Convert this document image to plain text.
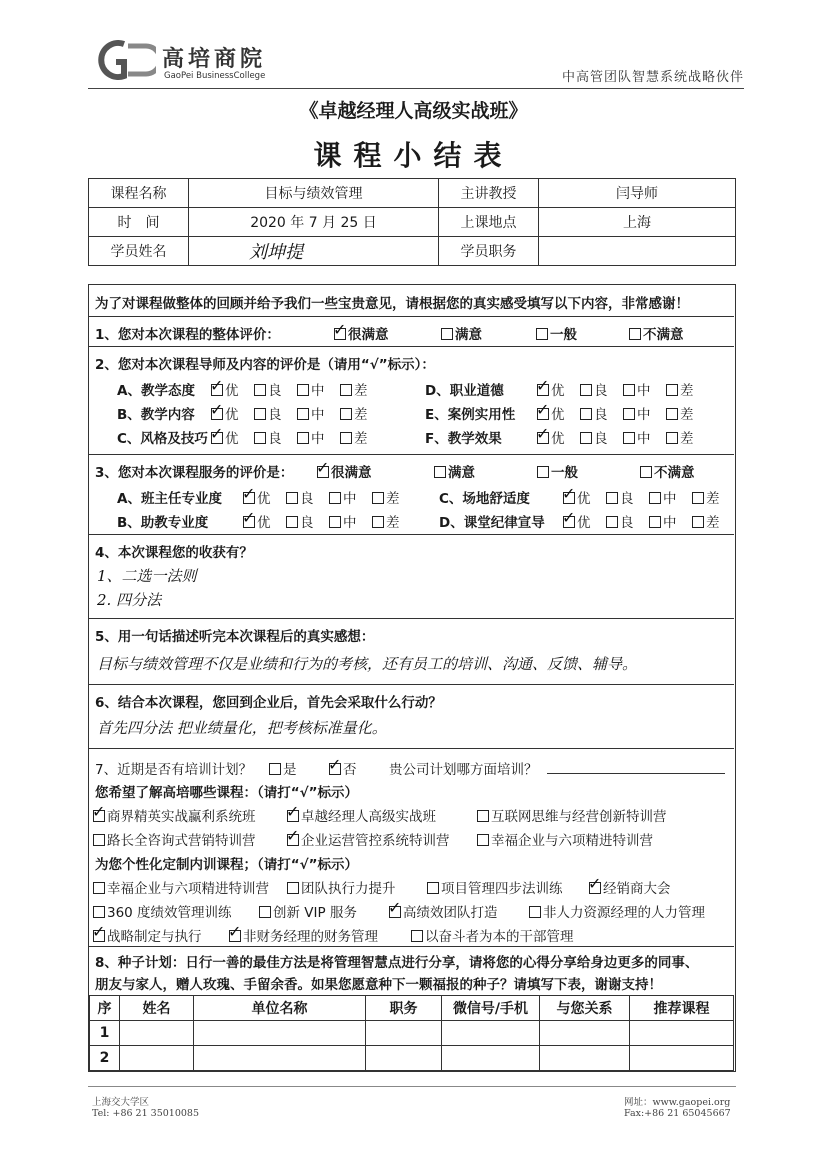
高培商院
GaoPei BusinessCollege	中高管团队智慧系统战略伙伴
《卓越经理人高级实战班》
课程小结表
课程名称	目标与绩效管理	主讲教授	闫导师
时　间	2020 年 7 月 25 日	上课地点	上海
学员姓名	刘坤提	学员职务	
为了对课程做整体的回顾并给予我们一些宝贵意见，请根据您的真实感受填写以下内容，非常感谢！
1、您对本次课程的整体评价：	✓ 很满意	满意	一般	不满意
2、您对本次课程导师及内容的评价是（请用“√”标示）：
A、教学态度 ✓ 优	良	中	差
B、教学内容 ✓ 优	良	中	差
C、风格及技巧 ✓ 优	良	中	差
D、职业道德 ✓ 优	良	中	差
E、案例实用性 ✓ 优	良	中	差
F、教学效果 ✓ 优	良	中	差
3、您对本次课程服务的评价是： ✓ 很满意	满意	一般	不满意
A、班主任专业度 ✓ 优	良	中	差
B、助教专业度 ✓ 优	良	中	差
C、场地舒适度 ✓ 优	良	中	差
D、课堂纪律宣导 ✓ 优	良	中	差
4、本次课程您的收获有？
1、二选一法则
2. 四分法
5、用一句话描述听完本次课程后的真实感想：
目标与绩效管理不仅是业绩和行为的考核，还有员工的培训、沟通、反馈、辅导。
6、结合本次课程，您回到企业后，首先会采取什么行动？
首先四分法 把业绩量化，把考核标准量化。
7、近期是否有培训计划？	是 ✓ 否 贵公司计划哪方面培训？
您希望了解高培哪些课程：（请打“√”标示）
为您个性化定制内训课程；（请打“√”标示）
✓ 商界精英实战赢利系统班 ✓ 卓越经理人高级实战班	互联网思维与经营创新特训营
路长全咨询式营销特训营 ✓ 企业运营管控系统特训营	幸福企业与六项精进特训营
幸福企业与六项精进特训营	团队执行力提升	项目管理四步法训练 ✓ 经销商大会
360 度绩效管理训练	创新 VIP 服务 ✓ 高绩效团队打造	非人力资源经理的人力管理
✓ 战略制定与执行 ✓ 非财务经理的财务管理	以奋斗者为本的干部管理
8、种子计划：日行一善的最佳方法是将管理智慧点进行分享，请将您的心得分享给身边更多的同事、
朋友与家人，赠人玫瑰、手留余香。如果您愿意种下一颗福报的种子？请填写下表，谢谢支持！
序	姓名	单位名称	职务	微信号/手机	与您关系	推荐课程
1						
2						
上海交大学区
Tel: +86 21 35010085
网址：www.gaopei.org
Fax:+86 21 65045667
